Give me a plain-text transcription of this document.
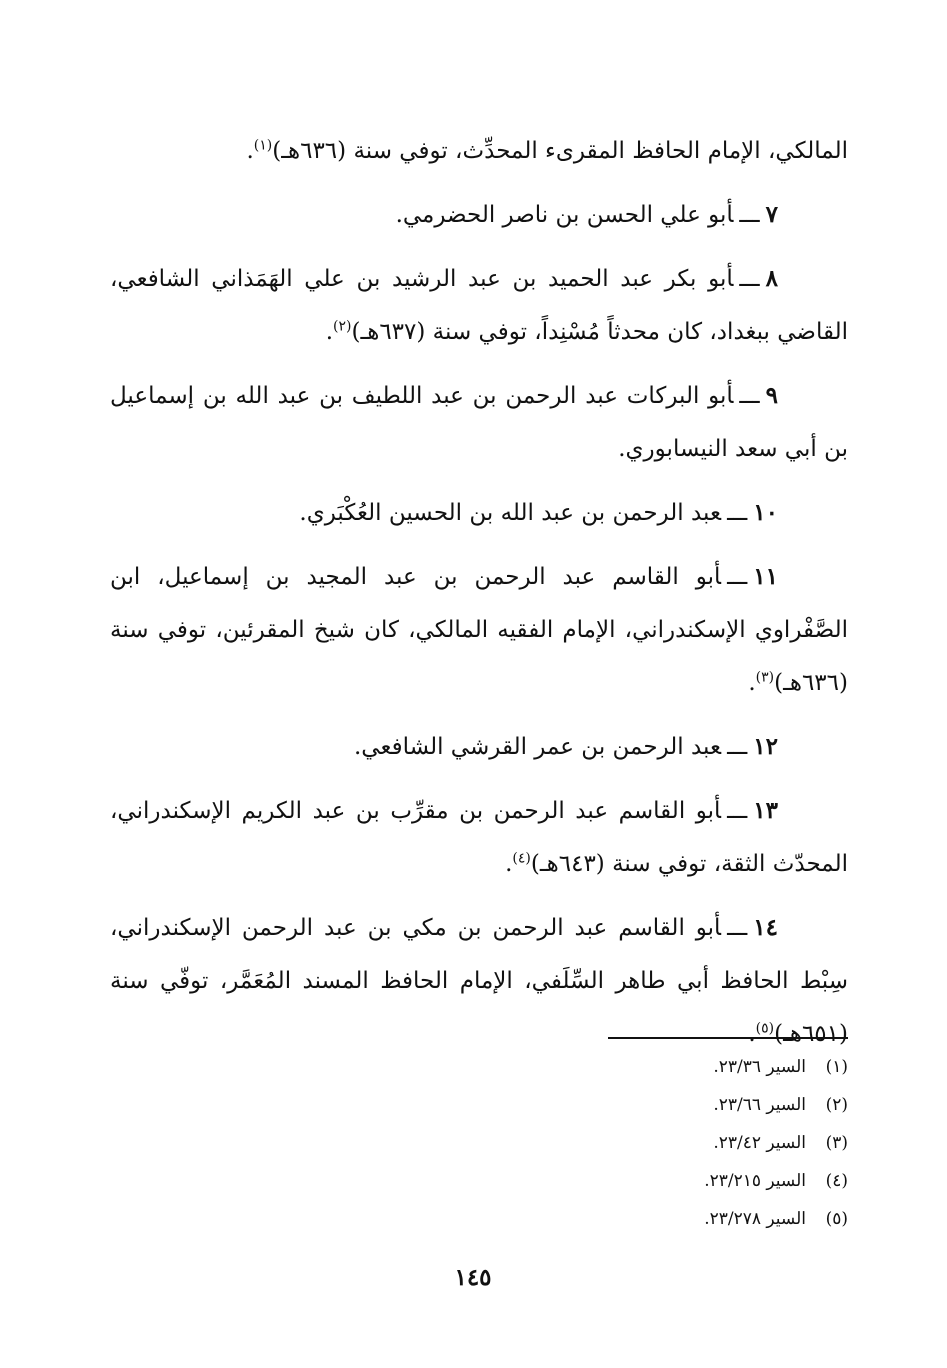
المالكي، الإمام الحافظ المقرىء المحدِّث، توفي سنة (٦٣٦هـ)$^{(١)}$.

٧ـــأبو علي الحسن بن ناصر الحضرمي.

٨ـــأبو بكر عبد الحميد بن عبد الرشيد بن علي الهَمَذاني الشافعي، القاضي ببغداد، كان محدثاً مُسْنِداً، توفي سنة (٦٣٧هـ)$^{(٢)}$.

٩ـــأبو البركات عبد الرحمن بن عبد اللطيف بن عبد الله بن إسماعيل بن أبي سعد النيسابوري.

١٠ـــعبد الرحمن بن عبد الله بن الحسين العُكْبَري.

١١ـــأبو القاسم عبد الرحمن بن عبد المجيد بن إسماعيل، ابن الصَّفْراوي الإسكندراني، الإمام الفقيه المالكي، كان شيخ المقرئين، توفي سنة (٦٣٦هـ)$^{(٣)}$.

١٢ـــعبد الرحمن بن عمر القرشي الشافعي.

١٣ـــأبو القاسم عبد الرحمن بن مقرِّب بن عبد الكريم الإسكندراني، المحدّث الثقة، توفي سنة (٦٤٣هـ)$^{(٤)}$.

١٤ـــأبو القاسم عبد الرحمن بن مكي بن عبد الرحمن الإسكندراني، سِبْط الحافظ أبي طاهر السِّلَفي، الإمام الحافظ المسند المُعَمَّر، توفّي سنة (٦٥١هـ)$^{(٥)}$.

(١)السير ٢٣/٣٦.
(٢)السير ٢٣/٦٦.
(٣)السير ٢٣/٤٢.
(٤)السير ٢٣/٢١٥.
(٥)السير ٢٣/٢٧٨.
١٤٥
